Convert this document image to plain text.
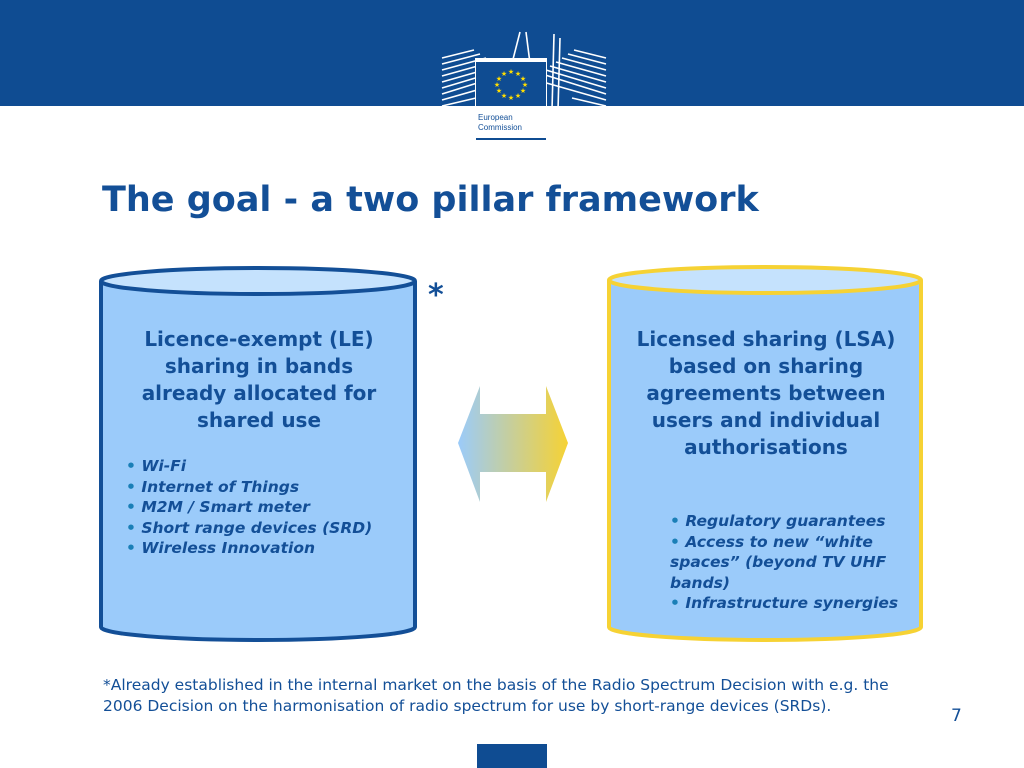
★ ★
★
★
★
★
★
★
★
★
★
★
European
Commission
The goal - a two pillar framework
*
Licence-exempt (LE) sharing in bands already allocated for shared use
• Wi-Fi
• Internet of Things
• M2M / Smart meter
• Short range devices (SRD)
• Wireless Innovation
Licensed sharing (LSA) based on sharing agreements between users and individual authorisations
• Regulatory guarantees
• Access to new “white spaces” (beyond TV UHF bands)
• Infrastructure synergies
*Already established in the internal market on the basis of the Radio Spectrum Decision with e.g. the 2006 Decision on the harmonisation of radio spectrum for use by short-range devices (SRDs).
7
